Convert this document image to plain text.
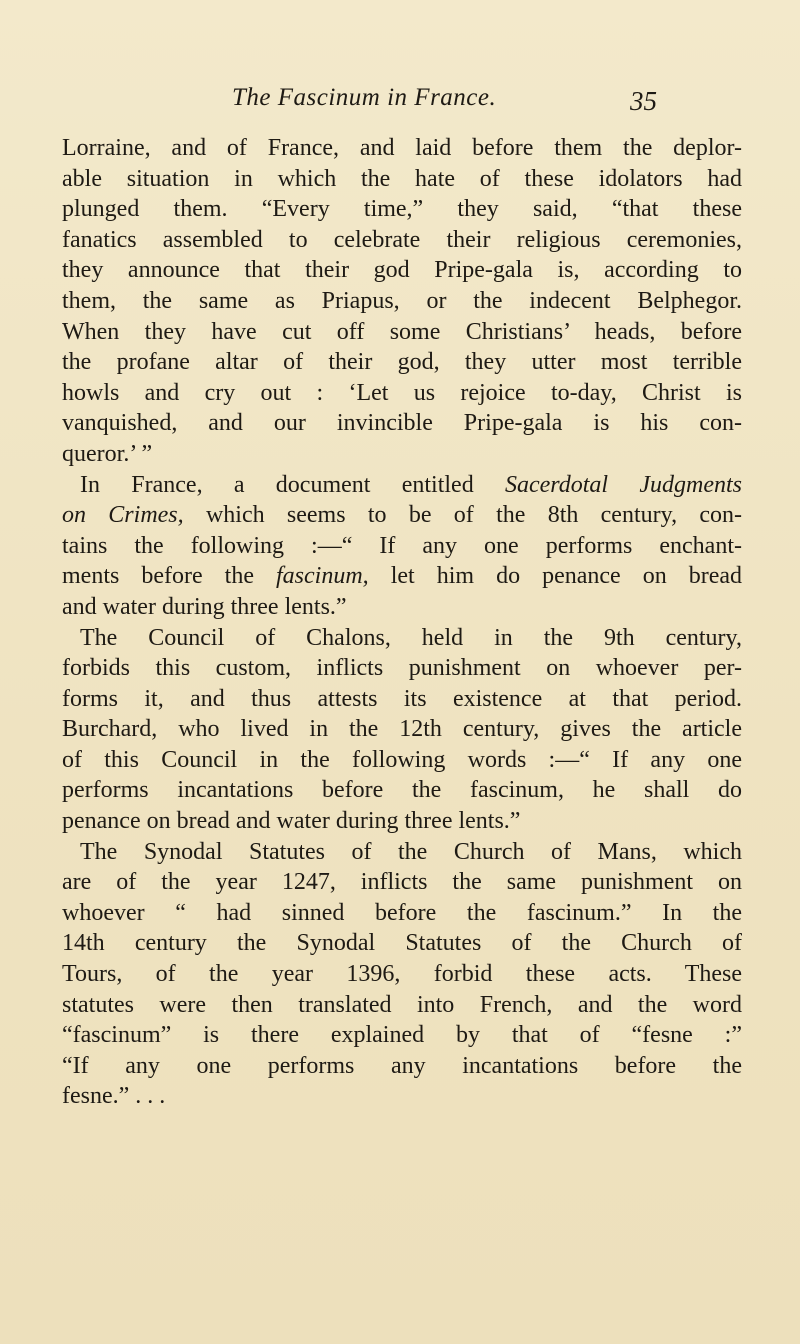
The Fascinum in France.	35
Lorraine, and of France, and laid before them the deplor-
able situation in which the hate of these idolators had
plunged them. “Every time,” they said, “that these
fanatics assembled to celebrate their religious ceremonies,
they announce that their god Pripe-gala is, according to
them, the same as Priapus, or the indecent Belphegor.
When they have cut off some Christians’ heads, before
the profane altar of their god, they utter most terrible
howls and cry out : ‘Let us rejoice to-day, Christ is
vanquished, and our invincible Pripe-gala is his con-
queror.’ ”
In France, a document entitled Sacerdotal Judgments
on Crimes, which seems to be of the 8th century, con-
tains the following :—“ If any one performs enchant-
ments before the fascinum, let him do penance on bread
and water during three lents.”
The Council of Chalons, held in the 9th century,
forbids this custom, inflicts punishment on whoever per-
forms it, and thus attests its existence at that period.
Burchard, who lived in the 12th century, gives the article
of this Council in the following words :—“ If any one
performs incantations before the fascinum, he shall do
penance on bread and water during three lents.”
The Synodal Statutes of the Church of Mans, which
are of the year 1247, inflicts the same punishment on
whoever “ had sinned before the fascinum.” In the
14th century the Synodal Statutes of the Church of
Tours, of the year 1396, forbid these acts. These
statutes were then translated into French, and the word
“fascinum” is there explained by that of “fesne :”
“If any one performs any incantations before the
fesne.” . . .
